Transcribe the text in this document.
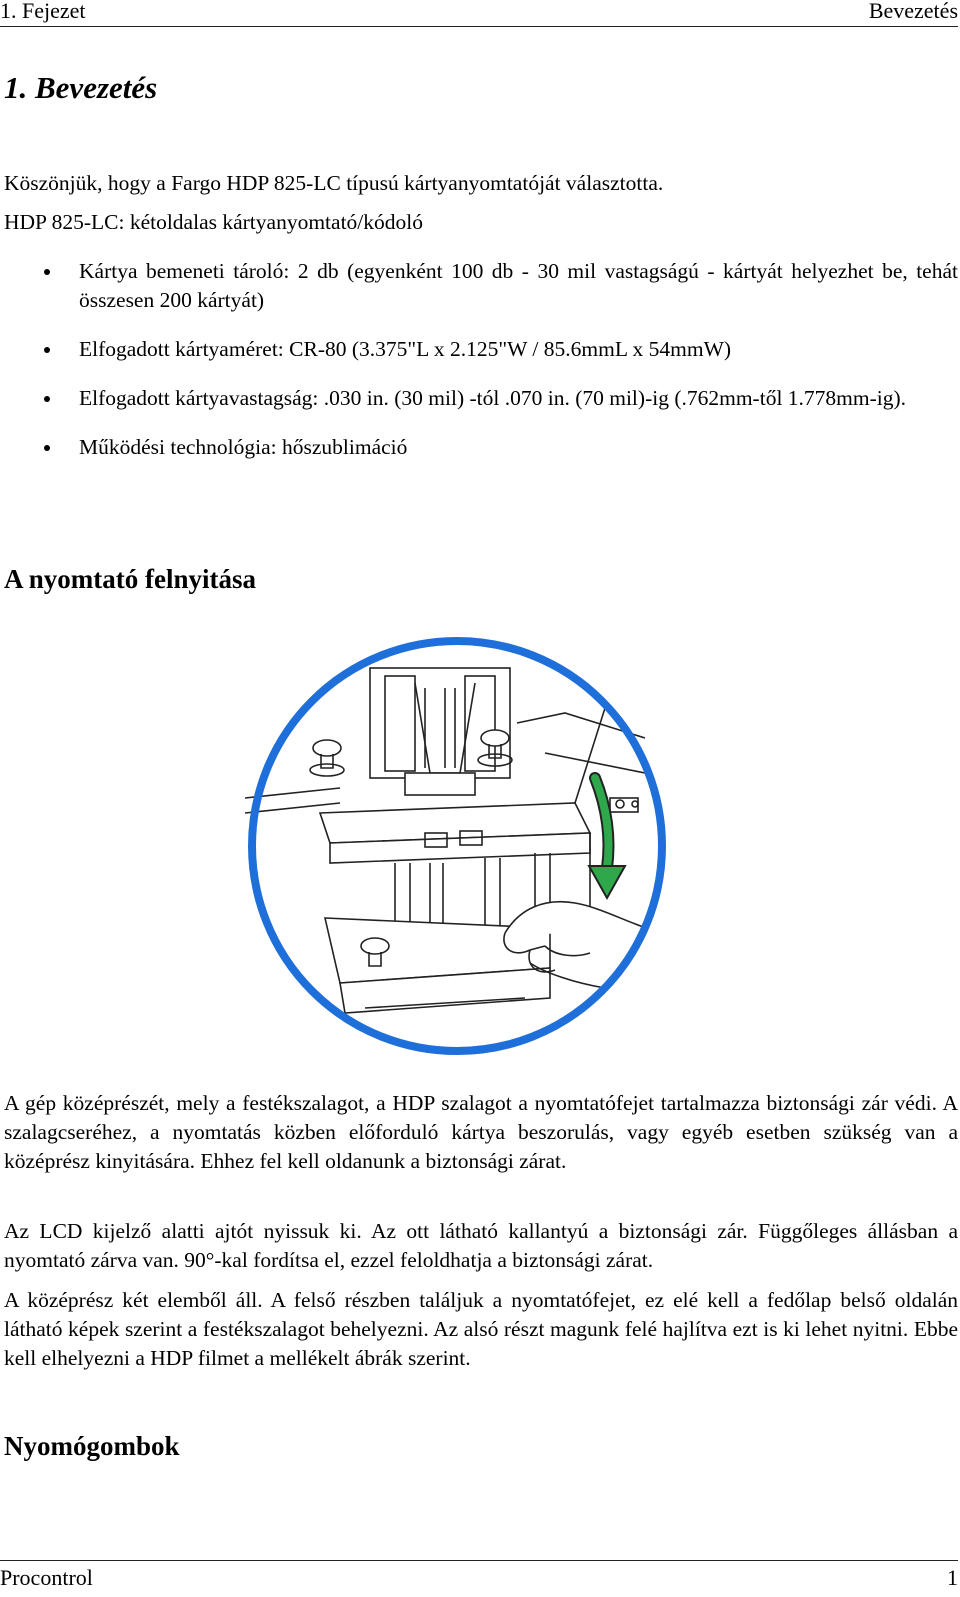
1. Fejezet	Bevezetés
1. Bevezetés

Köszönjük, hogy a Fargo HDP 825-LC típusú kártyanyomtatóját választotta.

HDP 825-LC: kétoldalas kártyanyomtató/kódoló

Kártya bemeneti tároló: 2 db (egyenként 100 db - 30 mil vastagságú - kártyát helyezhet be, tehát összesen 200 kártyát)
Elfogadott kártyaméret: CR-80 (3.375"L x 2.125"W / 85.6mmL x 54mmW)
Elfogadott kártyavastagság: .030 in. (30 mil) -tól .070 in. (70 mil)-ig (.762mm-től 1.778mm-ig).
Működési technológia: hőszublimáció
A nyomtató felnyitása

A gép középrészét, mely a festékszalagot, a HDP szalagot a nyomtatófejet tartalmazza biztonsági zár védi. A szalagcseréhez, a nyomtatás közben előforduló kártya beszorulás, vagy egyéb esetben szükség van a középrész kinyitására. Ehhez fel kell oldanunk a biztonsági zárat.

Az LCD kijelző alatti ajtót nyissuk ki. Az ott látható kallantyú a biztonsági zár. Függőleges állásban a nyomtató zárva van. 90°-kal fordítsa el, ezzel feloldhatja a biztonsági zárat.

A középrész két elemből áll. A felső részben találjuk a nyomtatófejet, ez elé kell a fedőlap belső oldalán látható képek szerint a festékszalagot behelyezni. Az alsó részt magunk felé hajlítva ezt is ki lehet nyitni. Ebbe kell elhelyezni a HDP filmet a mellékelt ábrák szerint.

Nyomógombok
Procontrol	1
